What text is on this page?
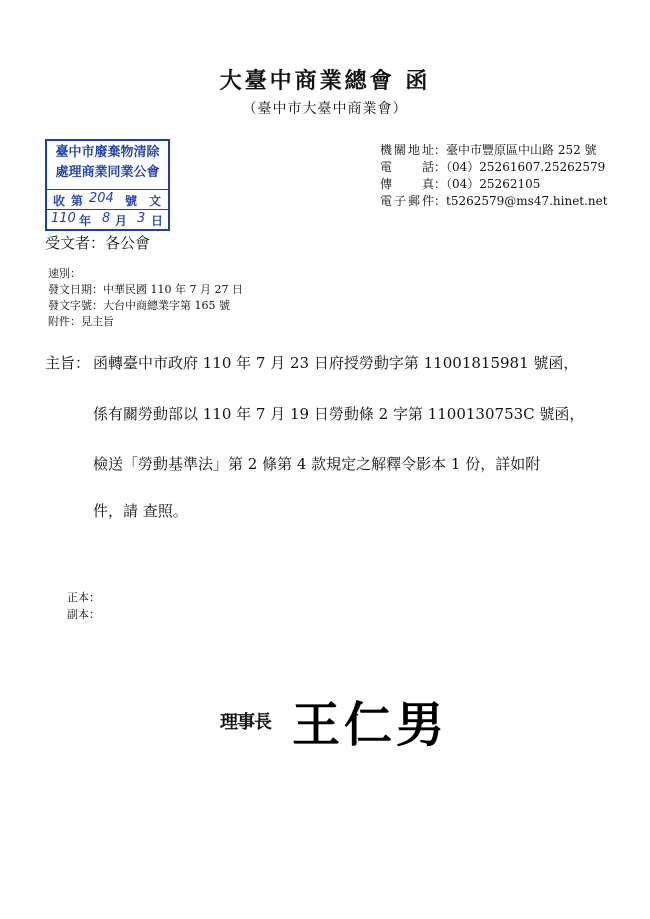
大臺中商業總會 函
（臺中市大臺中商業會）
臺中市廢棄物清除
處理商業同業公會
收 第 204 號 文
110 年 8 月 3 日
機關地址：臺中市豐原區中山路 252 號
電話：（04）25261607.25262579
傳真：（04）25262105
電子郵件：t5262579@ms47.hinet.net
受文者：各公會
速別：
發文日期：中華民國 110 年 7 月 27 日
發文字號：大台中商總業字第 165 號
附件：見主旨
主旨： 函轉臺中市政府 110 年 7 月 23 日府授勞動字第 11001815981 號函，
係有關勞動部以 110 年 7 月 19 日勞動條 2 字第 1100130753C 號函，
檢送「勞動基準法」第 2 條第 4 款規定之解釋令影本 1 份，詳如附
件，請 查照。
正本：
副本：
理事長 王仁男
